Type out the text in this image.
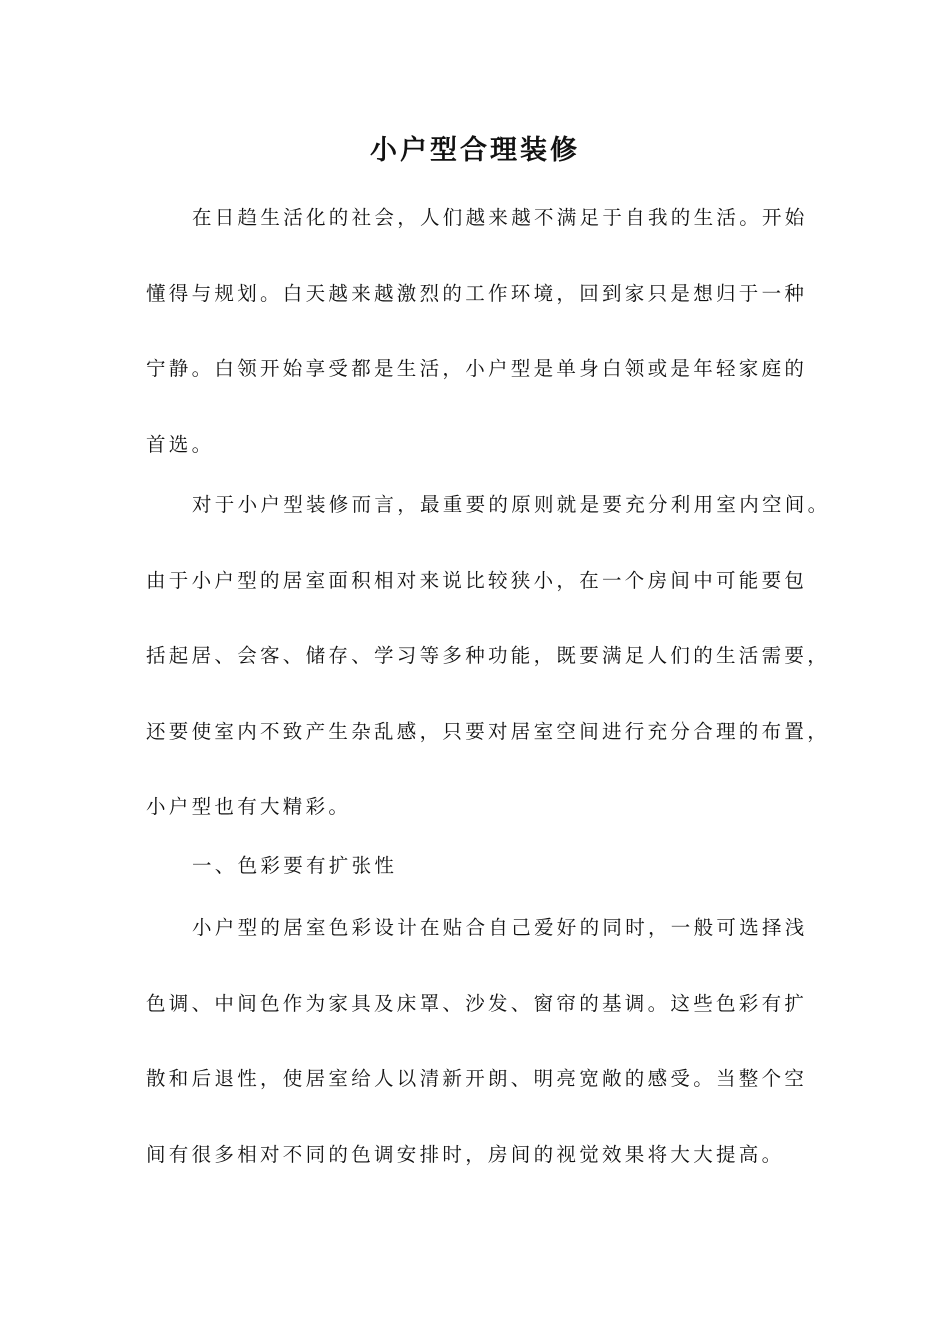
小户型合理装修

在日趋生活化的社会，人们越来越不满足于自我的生活。开始
懂得与规划。白天越来越激烈的工作环境，回到家只是想归于一种
宁静。白领开始享受都是生活，小户型是单身白领或是年轻家庭的
首选。

对于小户型装修而言，最重要的原则就是要充分利用室内空间。
由于小户型的居室面积相对来说比较狭小，在一个房间中可能要包
括起居、会客、储存、学习等多种功能，既要满足人们的生活需要，
还要使室内不致产生杂乱感，只要对居室空间进行充分合理的布置，
小户型也有大精彩。

一、色彩要有扩张性

小户型的居室色彩设计在贴合自己爱好的同时，一般可选择浅
色调、中间色作为家具及床罩、沙发、窗帘的基调。这些色彩有扩
散和后退性，使居室给人以清新开朗、明亮宽敞的感受。当整个空
间有很多相对不同的色调安排时，房间的视觉效果将大大提高。
